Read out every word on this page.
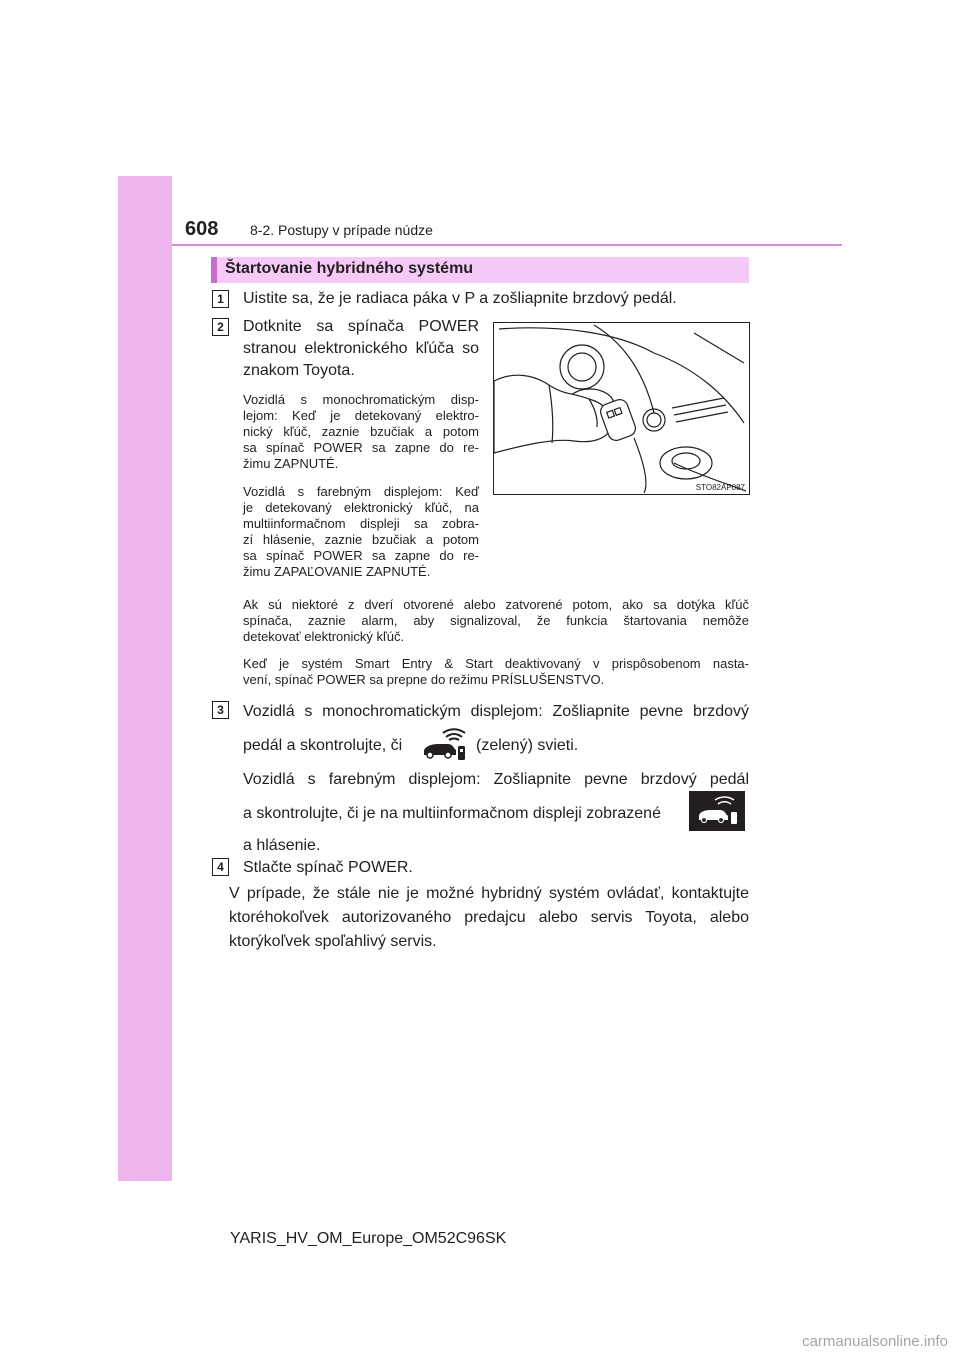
608 8-2. Postupy v prípade núdze
Štartovanie hybridného systému
1	Uistite sa, že je radiaca páka v P a zošliapnite brzdový pedál.
2	Dotknite sa spínača POWER
stranou elektronického kľúča so
znakom Toyota.
Vozidlá s monochromatickým disp-
lejom: Keď je detekovaný elektro-
nický kľúč, zaznie bzučiak a potom
sa spínač POWER sa zapne do re-
žimu ZAPNUTÉ.
Vozidlá s farebným displejom: Keď
je detekovaný elektronický kľúč, na
multiinformačnom displeji sa zobra-
zí hlásenie, zaznie bzučiak a potom
sa spínač POWER sa zapne do re-
žimu ZAPAĽOVANIE ZAPNUTÉ.
STO82AP087
Ak sú niektoré z dverí otvorené alebo zatvorené potom, ako sa dotýka kľúč
spínača, zaznie alarm, aby signalizoval, že funkcia štartovania nemôže
detekovať elektronický kľúč.
Keď je systém Smart Entry & Start deaktivovaný v prispôsobenom nasta-
vení, spínač POWER sa prepne do režimu PRÍSLUŠENSTVO.
3	Vozidlá s monochromatickým displejom: Zošliapnite pevne brzdový
pedál a skontrolujte, či	(zelený) svieti.
Vozidlá s farebným displejom: Zošliapnite pevne brzdový pedál
a skontrolujte, či je na multiinformačnom displeji zobrazené
a hlásenie.
4	Stlačte spínač POWER.
V prípade, že stále nie je možné hybridný systém ovládať, kontaktujte
ktoréhokoľvek autorizovaného predajcu alebo servis Toyota, alebo
ktorýkoľvek spoľahlivý servis.
YARIS_HV_OM_Europe_OM52C96SK
carmanualsonline.info
